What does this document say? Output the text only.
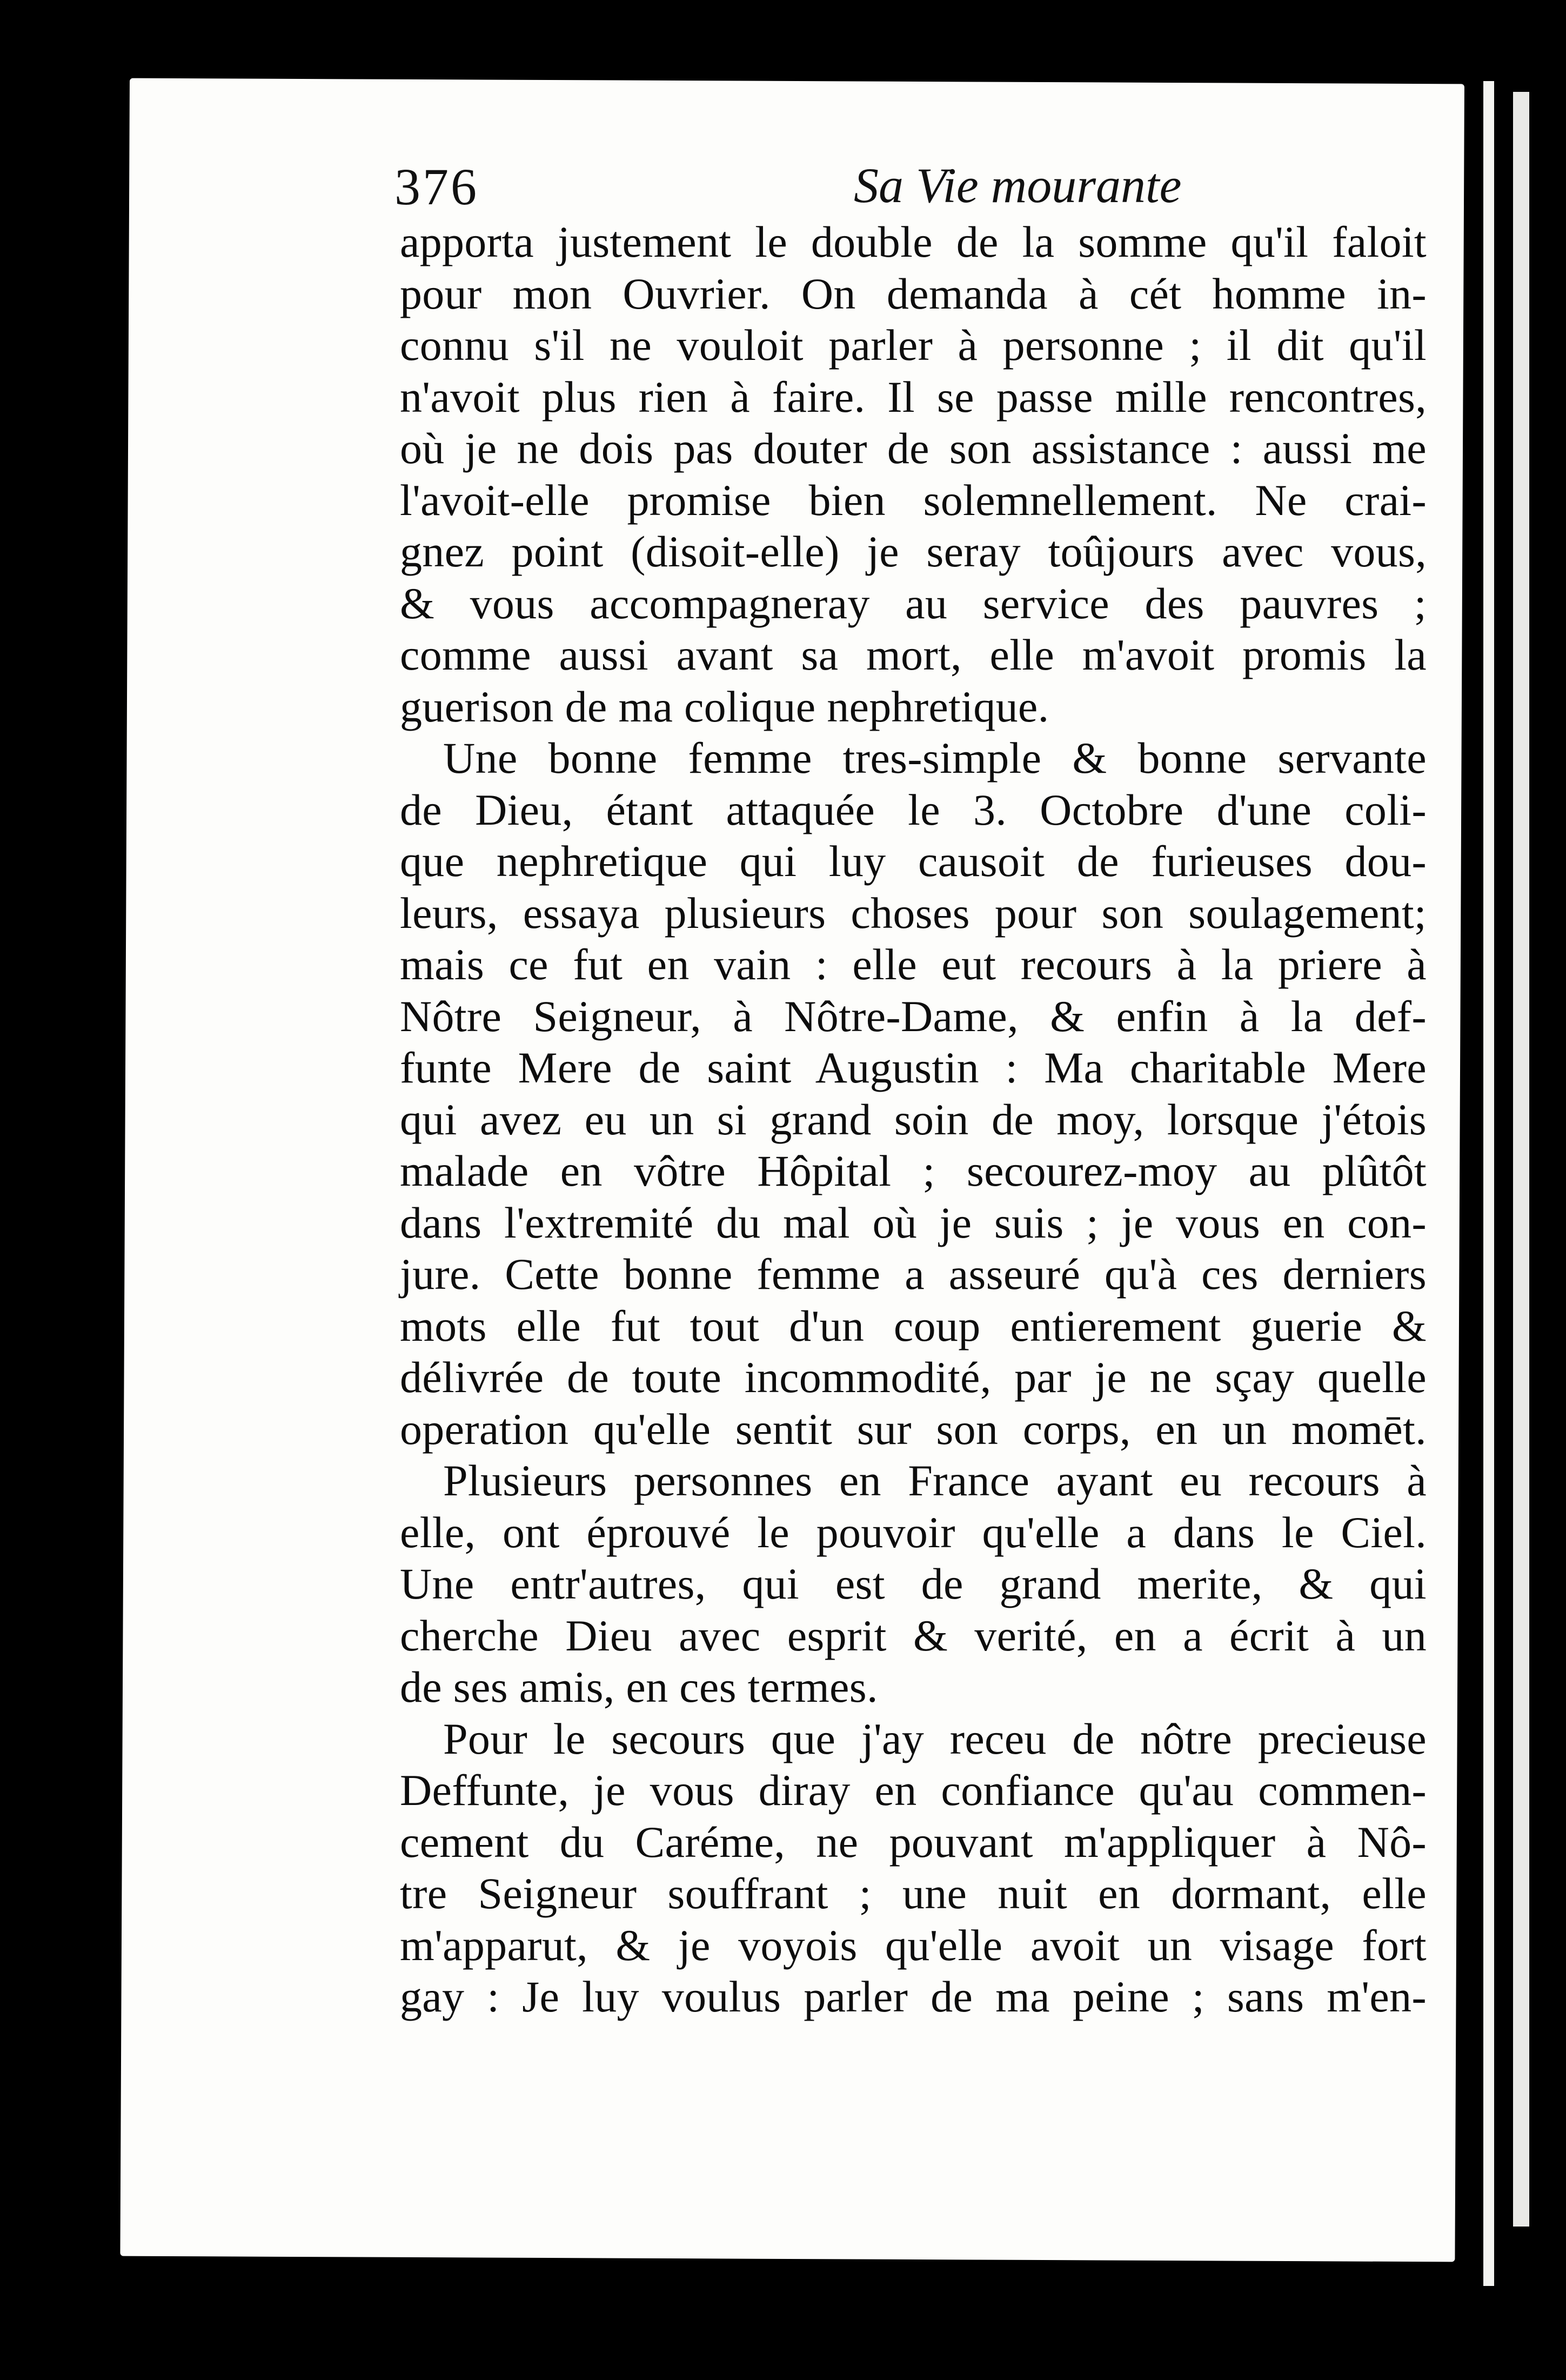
376	Sa Vie mourante
apporta justement le double de la somme qu'il faloit
pour mon Ouvrier. On demanda à cét homme in-
connu s'il ne vouloit parler à personne ; il dit qu'il
n'avoit plus rien à faire. Il se passe mille rencontres,
où je ne dois pas douter de son assistance : aussi me
l'avoit-elle promise bien solemnellement. Ne crai-
gnez point (disoit-elle) je seray toûjours avec vous,
& vous accompagneray au service des pauvres ;
comme aussi avant sa mort, elle m'avoit promis la
guerison de ma colique nephretique.
Une bonne femme tres-simple & bonne servante
de Dieu, étant attaquée le 3. Octobre d'une coli-
que nephretique qui luy causoit de furieuses dou-
leurs, essaya plusieurs choses pour son soulagement;
mais ce fut en vain : elle eut recours à la priere à
Nôtre Seigneur, à Nôtre-Dame, & enfin à la def-
funte Mere de saint Augustin : Ma charitable Mere
qui avez eu un si grand soin de moy, lorsque j'étois
malade en vôtre Hôpital ; secourez-moy au plûtôt
dans l'extremité du mal où je suis ; je vous en con-
jure. Cette bonne femme a asseuré qu'à ces derniers
mots elle fut tout d'un coup entierement guerie &
délivrée de toute incommodité, par je ne sçay quelle
operation qu'elle sentit sur son corps, en un momēt.
Plusieurs personnes en France ayant eu recours à
elle, ont éprouvé le pouvoir qu'elle a dans le Ciel.
Une entr'autres, qui est de grand merite, & qui
cherche Dieu avec esprit & verité, en a écrit à un
de ses amis, en ces termes.
Pour le secours que j'ay receu de nôtre precieuse
Deffunte, je vous diray en confiance qu'au commen-
cement du Caréme, ne pouvant m'appliquer à Nô-
tre Seigneur souffrant ; une nuit en dormant, elle
m'apparut, & je voyois qu'elle avoit un visage fort
gay : Je luy voulus parler de ma peine ; sans m'en-
